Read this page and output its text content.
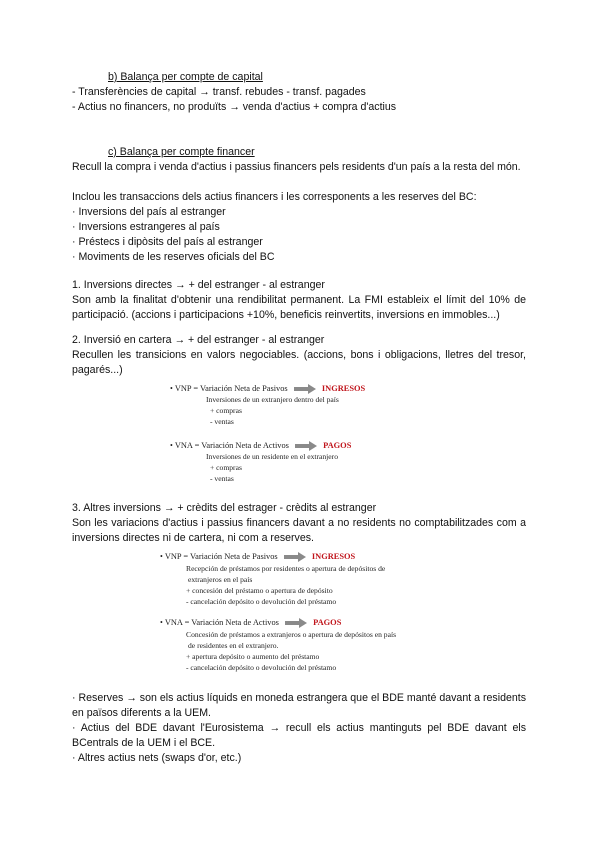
b) Balança per compte de capital
- Transferències de capital → transf. rebudes - transf. pagades
- Actius no financers, no produïts → venda d'actius + compra d'actius
c) Balança per compte financer
Recull la compra i venda d'actius i passius financers pels residents d'un país a la resta del món.
Inclou les transaccions dels actius financers i les corresponents a les reserves del BC:
· Inversions del país al estranger
· Inversions estrangeres al país
· Préstecs i dipòsits del país al estranger
· Moviments de les reserves oficials del BC
1. Inversions directes → + del estranger - al estranger
Son amb la finalitat d'obtenir una rendibilitat permanent. La FMI estableix el límit del 10% de participació. (accions i participacions +10%, beneficis reinvertits, inversions en immobles...)
2. Inversió en cartera → + del estranger - al estranger
Recullen les transicions en valors negociables. (accions, bons i obligacions, lletres del tresor, pagarés...)
• VNP = Variación Neta de Pasivos	INGRESOS
Inversiones de un extranjero dentro del país
+ compras
- ventas
• VNA = Variación Neta de Activos	PAGOS
Inversiones de un residente en el extranjero
+ compras
- ventas
3. Altres inversions → + crèdits del estrager - crèdits al estranger
Son les variacions d'actius i passius financers davant a no residents no comptabilitzades com a inversions directes ni de cartera, ni com a reserves.
• VNP = Variación Neta de Pasivos	INGRESOS
Recepción de préstamos por residentes o apertura de depósitos de
extranjeros en el país
+ concesión del préstamo o apertura de depósito
- cancelación depósito o devolución del préstamo
• VNA = Variación Neta de Activos	PAGOS
Concesión de préstamos a extranjeros o apertura de depósitos en país
de residentes en el extranjero.
+ apertura depósito o aumento del préstamo
- cancelación depósito o devolución del préstamo
· Reserves → son els actius líquids en moneda estrangera que el BDE manté davant a residents en països diferents a la UEM.
· Actius del BDE davant l'Eurosistema → recull els actius mantinguts pel BDE davant els BCentrals de la UEM i el BCE.
· Altres actius nets (swaps d'or, etc.)
